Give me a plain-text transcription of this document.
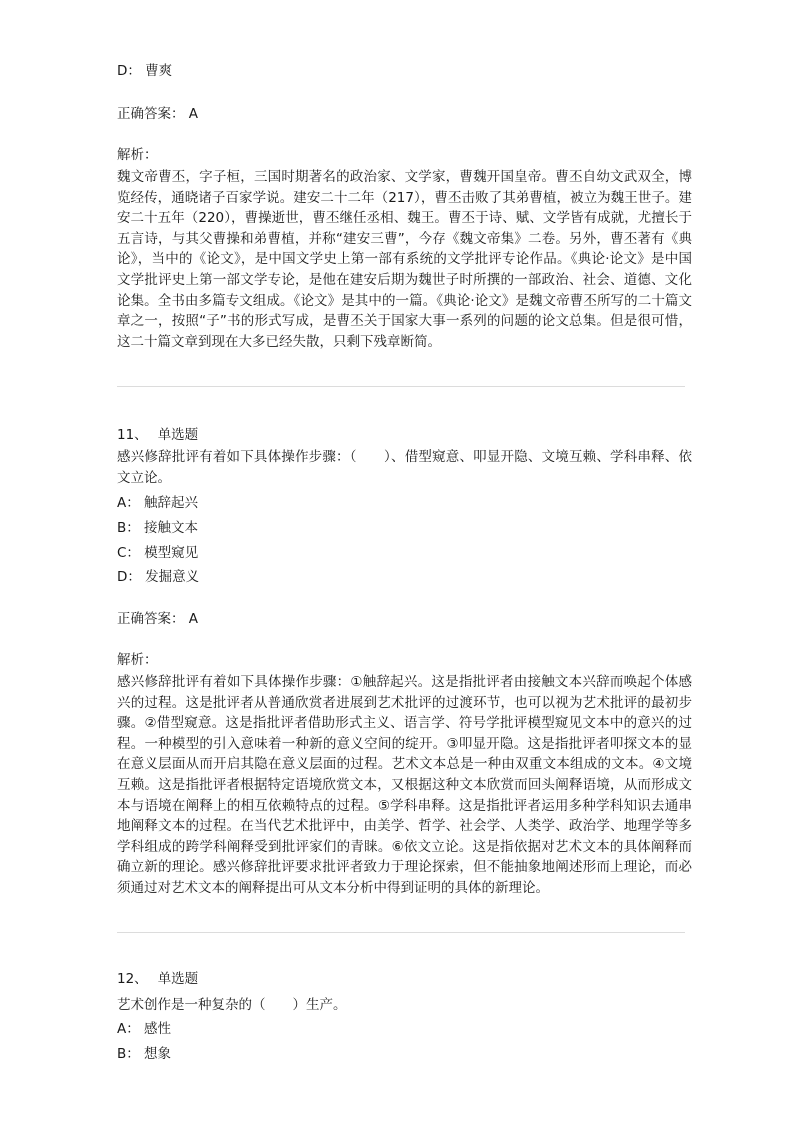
D： 曹爽
正确答案： A
解析：
魏文帝曹丕，字子桓，三国时期著名的政治家、文学家，曹魏开国皇帝。曹丕自幼文武双全，博览经传，通晓诸子百家学说。建安二十二年（217），曹丕击败了其弟曹植，被立为魏王世子。建安二十五年（220），曹操逝世，曹丕继任丞相、魏王。曹丕于诗、赋、文学皆有成就，尤擅长于五言诗，与其父曹操和弟曹植，并称“建安三曹”，今存《魏文帝集》二卷。另外，曹丕著有《典论》，当中的《论文》，是中国文学史上第一部有系统的文学批评专论作品。《典论·论文》是中国文学批评史上第一部文学专论，是他在建安后期为魏世子时所撰的一部政治、社会、道德、文化论集。全书由多篇专文组成。《论文》是其中的一篇。《典论·论文》是魏文帝曹丕所写的二十篇文章之一，按照“子”书的形式写成，是曹丕关于国家大事一系列的问题的论文总集。但是很可惜，这二十篇文章到现在大多已经失散，只剩下残章断简。
11、 单选题
感兴修辞批评有着如下具体操作步骤：（　　）、借型窥意、叩显开隐、文境互赖、学科串释、依文立论。
A： 触辞起兴
B： 接触文本
C： 模型窥见
D： 发掘意义
正确答案： A
解析：
感兴修辞批评有着如下具体操作步骤：①触辞起兴。这是指批评者由接触文本兴辞而唤起个体感兴的过程。这是批评者从普通欣赏者进展到艺术批评的过渡环节，也可以视为艺术批评的最初步骤。②借型窥意。这是指批评者借助形式主义、语言学、符号学批评模型窥见文本中的意兴的过程。一种模型的引入意味着一种新的意义空间的绽开。③叩显开隐。这是指批评者叩探文本的显在意义层面从而开启其隐在意义层面的过程。艺术文本总是一种由双重文本组成的文本。④文境互赖。这是指批评者根据特定语境欣赏文本，又根据这种文本欣赏而回头阐释语境，从而形成文本与语境在阐释上的相互依赖特点的过程。⑤学科串释。这是指批评者运用多种学科知识去通串地阐释文本的过程。在当代艺术批评中，由美学、哲学、社会学、人类学、政治学、地理学等多学科组成的跨学科阐释受到批评家们的青睐。⑥依文立论。这是指依据对艺术文本的具体阐释而确立新的理论。感兴修辞批评要求批评者致力于理论探索，但不能抽象地阐述形而上理论，而必须通过对艺术文本的阐释提出可从文本分析中得到证明的具体的新理论。
12、 单选题
艺术创作是一种复杂的（　　）生产。
A： 感性
B： 想象
